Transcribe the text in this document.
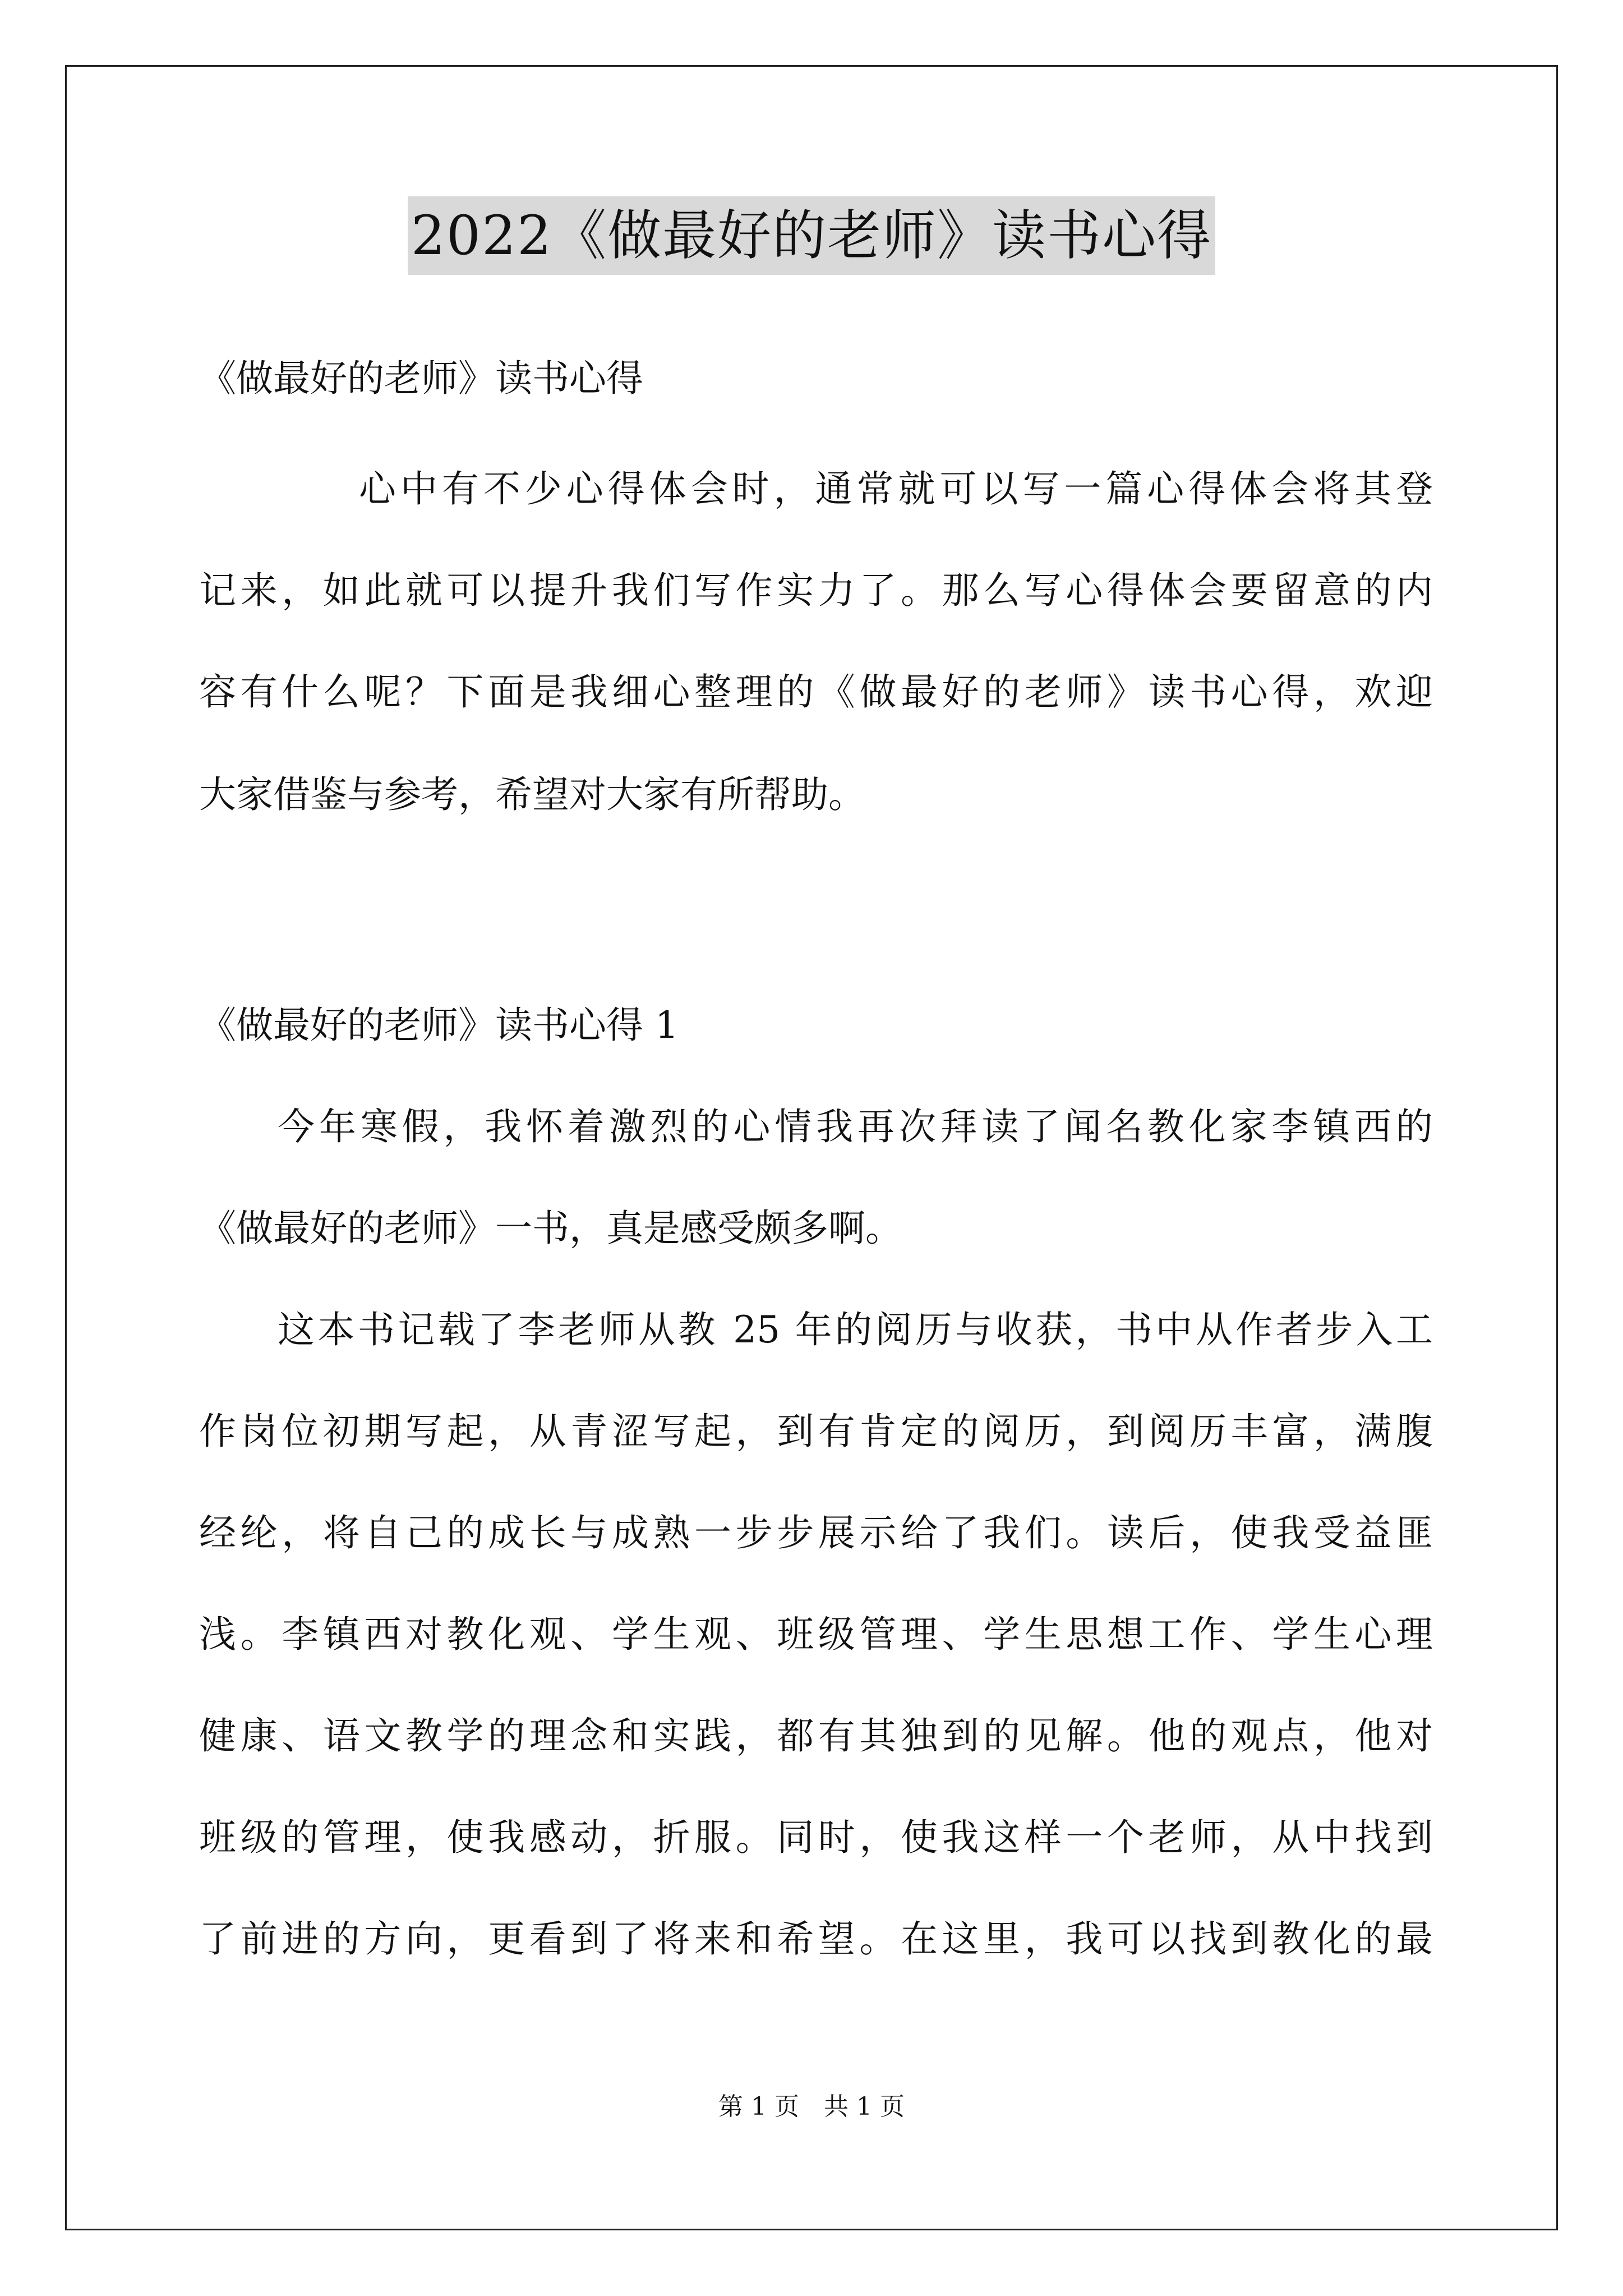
2022《做最好的老师》读书心得
《做最好的老师》读书心得
心中有不少心得体会时，通常就可以写一篇心得体会将其登
记来，如此就可以提升我们写作实力了。那么写心得体会要留意的内
容有什么呢？下面是我细心整理的《做最好的老师》读书心得，欢迎
大家借鉴与参考，希望对大家有所帮助。
《做最好的老师》读书心得 1
今年寒假，我怀着激烈的心情我再次拜读了闻名教化家李镇西的
《做最好的老师》一书，真是感受颇多啊。
这本书记载了李老师从教 25 年的阅历与收获，书中从作者步入工
作岗位初期写起，从青涩写起，到有肯定的阅历，到阅历丰富，满腹
经纶，将自己的成长与成熟一步步展示给了我们。读后，使我受益匪
浅。李镇西对教化观、学生观、班级管理、学生思想工作、学生心理
健康、语文教学的理念和实践，都有其独到的见解。他的观点，他对
班级的管理，使我感动，折服。同时，使我这样一个老师，从中找到
了前进的方向，更看到了将来和希望。在这里，我可以找到教化的最
第 1 页　共 1 页
